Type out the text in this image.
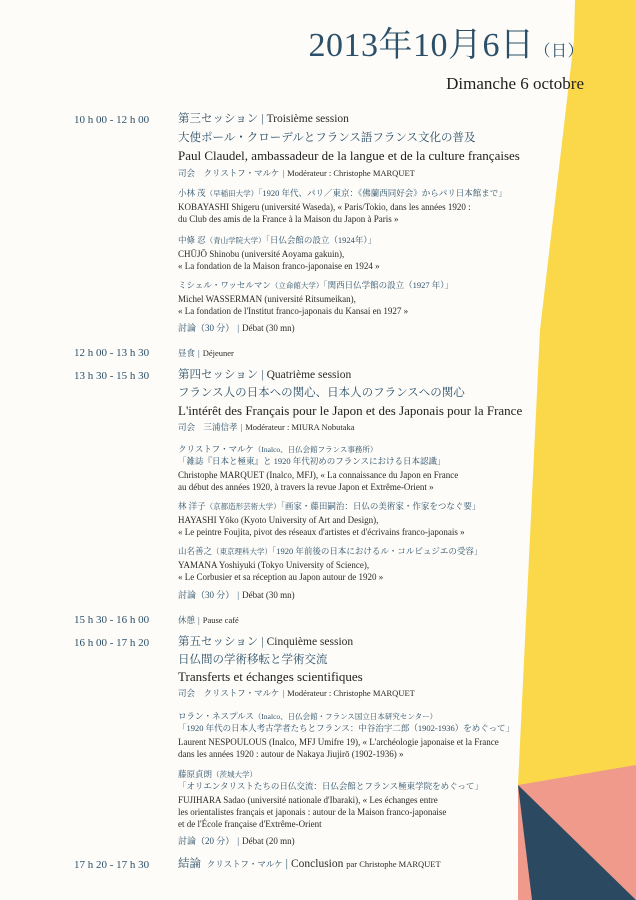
2013年10月6日（日）
Dimanche 6 octobre
10 h 00 - 12 h 00	第三セッション | Troisième session
大使ポール・クローデルとフランス語フランス文化の普及
Paul Claudel, ambassadeur de la langue et de la culture françaises
司会　クリストフ・マルケ | Modérateur : Christophe MARQUET
小林 茂（早稲田大学）「1920 年代、パリ／東京：《佛蘭西同好会》からパリ日本館まで」
KOBAYASHI Shigeru (université Waseda), « Paris/Tokio, dans les années 1920 :
du Club des amis de la France à la Maison du Japon à Paris »
中條 忍（青山学院大学）「日仏会館の設立（1924年）」
CHŪJŌ Shinobu (université Aoyama gakuin),
« La fondation de la Maison franco-japonaise en 1924 »
ミシェル・ワッセルマン（立命館大学）「関西日仏学館の設立（1927 年）」
Michel WASSERMAN (université Ritsumeikan),
« La fondation de l'Institut franco-japonais du Kansai en 1927 »
討論（30 分） | Débat (30 mn)
12 h 00 - 13 h 30	昼食 | Déjeuner
13 h 30 - 15 h 30	第四セッション | Quatrième session
フランス人の日本への関心、日本人のフランスへの関心
L'intérêt des Français pour le Japon et des Japonais pour la France
司会　三浦信孝 | Modérateur : MIURA Nobutaka
クリストフ・マルケ（Inalco、日仏会館フランス事務所）
「雑誌『日本と極東』と 1920 年代初めのフランスにおける日本認識」
Christophe MARQUET (Inalco, MFJ), « La connaissance du Japon en France
au début des années 1920, à travers la revue Japon et Extrême-Orient »
林 洋子（京都造形芸術大学）「画家・藤田嗣治：日仏の美術家・作家をつなぐ要」
HAYASHI Yōko (Kyoto University of Art and Design),
« Le peintre Foujita, pivot des réseaux d'artistes et d'écrivains franco-japonais »
山名善之（東京理科大学）「1920 年前後の日本におけるル・コルビュジエの受容」
YAMANA Yoshiyuki (Tokyo University of Science),
« Le Corbusier et sa réception au Japon autour de 1920 »
討論（30 分） | Débat (30 mn)
15 h 30 - 16 h 00	休憩 | Pause café
16 h 00 - 17 h 20	第五セッション | Cinquième session
日仏間の学術移転と学術交流
Transferts et échanges scientifiques
司会　クリストフ・マルケ | Modérateur : Christophe MARQUET
ロラン・ネスプルス（Inalco、日仏会館・フランス国立日本研究センター）
「1920 年代の日本人考古学者たちとフランス：中谷治宇二郎（1902-1936）をめぐって」
Laurent NESPOULOUS (Inalco, MFJ Umifre 19), « L'archéologie japonaise et la France
dans les années 1920 : autour de Nakaya Jiujirō (1902-1936) »
藤原貞朗（茨城大学）
「オリエンタリストたちの日仏交流：日仏会館とフランス極東学院をめぐって」
FUJIHARA Sadao (université nationale d'Ibaraki), « Les échanges entre
les orientalistes français et japonais : autour de la Maison franco-japonaise
et de l'École française d'Extrême-Orient
討論（20 分） | Débat (20 mn)
17 h 20 - 17 h 30	結論 クリストフ・マルケ | Conclusion par Christophe MARQUET
